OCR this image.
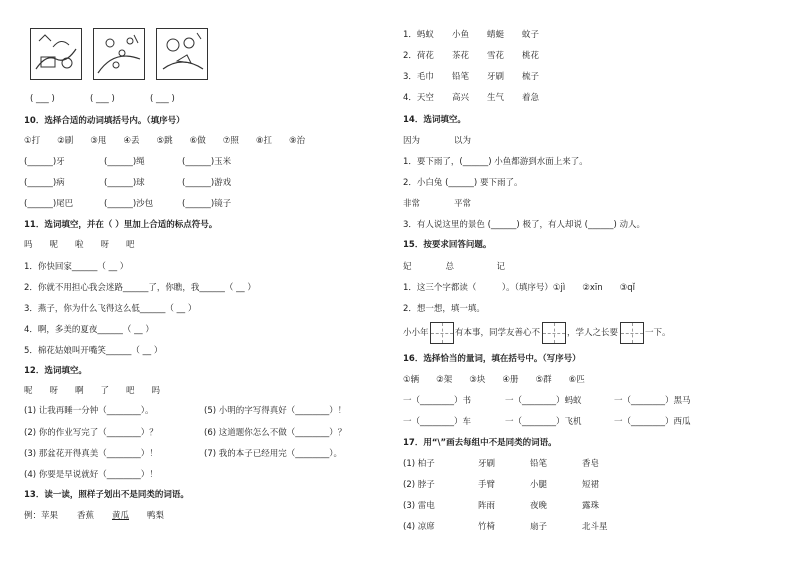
( ___ )	( ___ )	( ___ )
10．选择合适的动词填括号内。（填序号）
①打　　②刷　　③甩　　④丢　　⑤跳　　⑥做　　⑦照　　⑧扛　　⑨治
(______)牙	(______)绳	(______)玉米
(______)病	(______)球	(______)游戏
(______)尾巴	(______)沙包	(______)镜子
11．选词填空，并在（ ）里加上合适的标点符号。
吗　　呢　　啦　　呀　　吧
1．你快回家______（ __ ）
2．你就不用担心我会迷路______了，你瞧，我______（ __ ）
3．燕子，你为什么飞得这么低______（ __ ）
4．啊，多美的夏夜______（ __ ）
5．棉花姑娘叫开嘴笑______（ __ ）
12．选词填空。
呢　　呀　　啊　　了　　吧　　吗
(1) 让我再睡一分钟（________）。
(2) 你的作业写完了（________）？
(3) 那盆花开得真美（________）！
(4) 你要是早说就好（________）！
(5) 小明的字写得真好（________）！
(6) 这道题你怎么不做（________）？
(7) 我的本子已经用完（________）。
13．读一读，照样子划出不是同类的词语。
例：苹果 香蕉 黄瓜 鸭梨
1．蚂蚁 小鱼 蜻蜓 蚊子
2．荷花 茶花 雪花 桃花
3．毛巾 铅笔 牙刷 梳子
4．天空 高兴 生气 着急
14．选词填空。
因为　　　　以为
1．要下雨了，(______) 小鱼都游到水面上来了。
2．小白兔 (______) 要下雨了。
非常　　　　平常
3．有人说这里的景色 (______) 极了，有人却说 (______) 动人。
15．按要求回答问题。
妃　　　　总　　　　　记
1．这三个字都读（　　　）。（填序号）①jì　　②xīn　　③qǐ
2．想一想，填一填。
小小年	有本事，同学友善心不	，学人之长要	一下。
16．选择恰当的量词，填在括号中。（写序号）
①辆　　②架　　③块　　④册　　⑤群　　⑥匹
一（________）书	一（________）蚂蚁	一（________）黑马
一（________）车	一（________）飞机	一（________）西瓜
17．用“\”画去每组中不是同类的词语。
(1) 柏子	牙刷	铅笔	香皂
(2) 脖子	手臂	小腿	短裙
(3) 雷电	阵雨	夜晚	露珠
(4) 凉席	竹椅	扇子	北斗星
